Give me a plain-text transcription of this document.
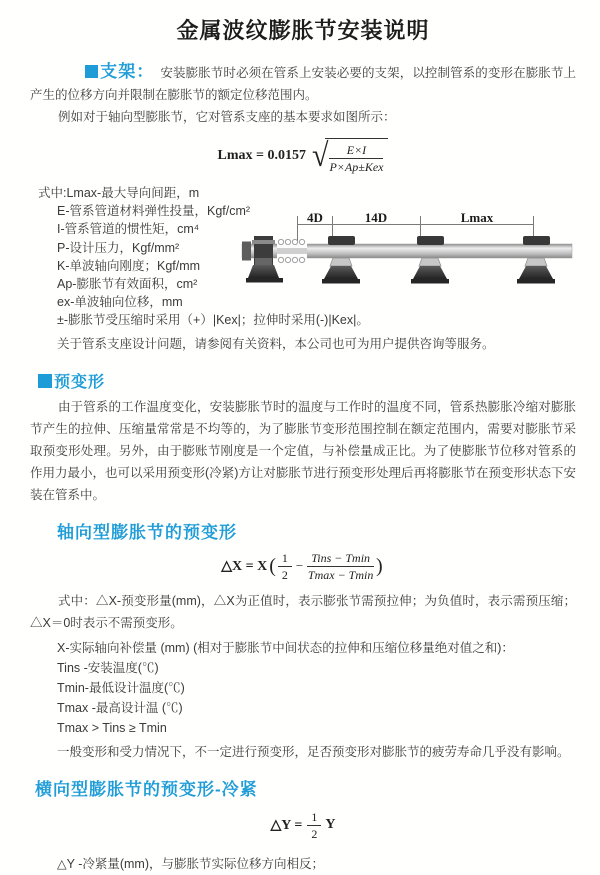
金属波纹膨胀节安装说明

支架： 安装膨胀节时必须在管系上安装必要的支架，以控制管系的变形在膨胀节上产生的位移方向并限制在膨胀节的额定位移范围内。

例如对于轴向型膨胀节，它对管系支座的基本要求如图所示：

Lmax = 0.0157 √ $\frac{E\times I}{\text{P×Ap±Kex}}$
式中:Lmax-最大导向间距，m
E-管系管道材料弹性投量，Kgf/cm²
I-管系管道的惯性矩，cm⁴
P-设计压力，Kgf/mm²
K-单波轴向刚度；Kgf/mm
Ap-膨胀节有效面积，cm²
ex-单波轴向位移，mm
±-膨胀节受压缩时采用（+）|Kex|；拉伸时采用(-)|Kex|。
关于管系支座设计问题，请参阅有关资料，本公司也可为用户提供咨询等服务。
4D	14D	Lmax
预变形

由于管系的工作温度变化，安装膨胀节时的温度与工作时的温度不同，管系热膨胀冷缩对膨胀节产生的拉伸、压缩量常常是不均等的，为了膨胀节变形范围控制在额定范围内，需要对膨胀节采取预变形处理。另外，由于膨账节刚度是一个定值，与补偿量成正比。为了使膨胀节位移对管系的作用力最小，也可以采用预变形(冷紧)方让对膨胀节进行预变形处理后再将膨胀节在预变形状态下安装在管系中。

轴向型膨胀节的预变形
△X = X ( $\frac{1}{2} - \frac{\text{Tins − Tmin}}{Tmax - Tmin}$ )

式中：△X-预变形量(mm)，△X为正值时，表示膨张节需预拉伸；为负值时，表示需预压缩；△X＝0时表示不需预变形。

X-实际轴向补偿量 (mm) (相对于膨胀节中间状态的拉伸和压缩位移量绝对值之和)：
Tins -安装温度(℃)
Tmin-最低设计温度(℃)
Tmax -最高设计温 (℃)
Tmax > Tins ≥ Tmin
一般变形和受力情况下，不一定进行预变形，足否预变形对膨胀节的疲劳寿命几乎没有影响。
横向型膨胀节的预变形-冷紧
△Y = $\frac{1}{2}$ Y
△Y -冷紧量(mm)，与膨胀节实际位移方向相反；
